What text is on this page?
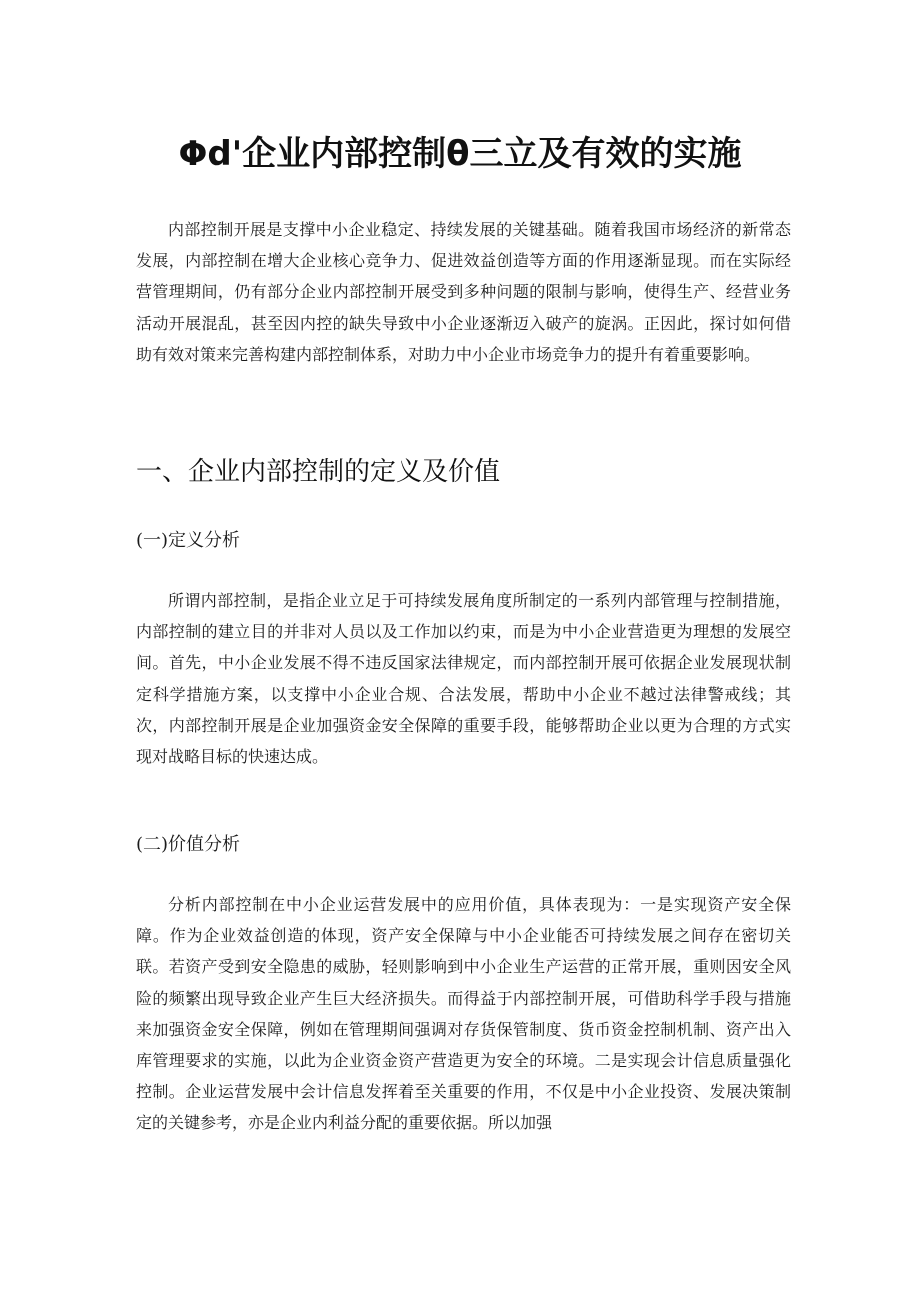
Φd'企业内部控制θ三立及有效的实施

内部控制开展是支撑中小企业稳定、持续发展的关键基础。随着我国市场经济的新常态发展，内部控制在增大企业核心竞争力、促进效益创造等方面的作用逐渐显现。而在实际经营管理期间，仍有部分企业内部控制开展受到多种问题的限制与影响，使得生产、经营业务活动开展混乱，甚至因内控的缺失导致中小企业逐渐迈入破产的旋涡。正因此，探讨如何借助有效对策来完善构建内部控制体系，对助力中小企业市场竞争力的提升有着重要影响。

一、企业内部控制的定义及价值
(一)定义分析

所谓内部控制，是指企业立足于可持续发展角度所制定的一系列内部管理与控制措施，内部控制的建立目的并非对人员以及工作加以约束，而是为中小企业营造更为理想的发展空间。首先，中小企业发展不得不违反国家法律规定，而内部控制开展可依据企业发展现状制定科学措施方案，以支撑中小企业合规、合法发展，帮助中小企业不越过法律警戒线；其次，内部控制开展是企业加强资金安全保障的重要手段，能够帮助企业以更为合理的方式实现对战略目标的快速达成。

(二)价值分析

分析内部控制在中小企业运营发展中的应用价值，具体表现为：一是实现资产安全保障。作为企业效益创造的体现，资产安全保障与中小企业能否可持续发展之间存在密切关联。若资产受到安全隐患的威胁，轻则影响到中小企业生产运营的正常开展，重则因安全风险的频繁出现导致企业产生巨大经济损失。而得益于内部控制开展，可借助科学手段与措施来加强资金安全保障，例如在管理期间强调对存货保管制度、货币资金控制机制、资产出入库管理要求的实施，以此为企业资金资产营造更为安全的环境。二是实现会计信息质量强化控制。企业运营发展中会计信息发挥着至关重要的作用，不仅是中小企业投资、发展决策制定的关键参考，亦是企业内利益分配的重要依据。所以加强
